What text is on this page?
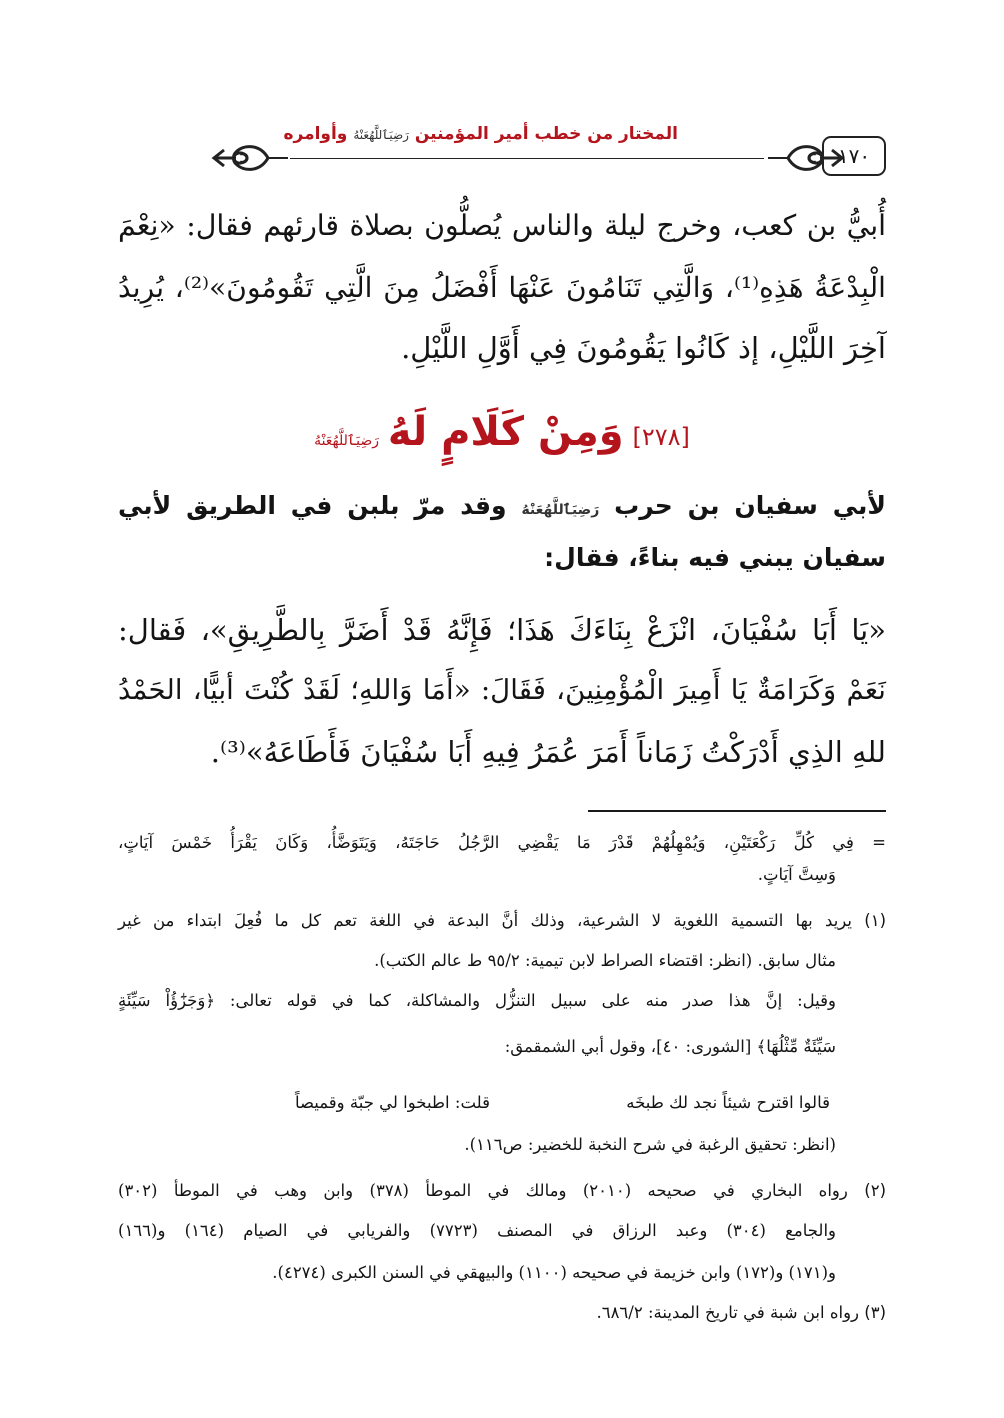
المختار من خطب أمير المؤمنين رَضِيَٱللَّهُعَنْهُ وأوامره
١٧٠
أُبيُّ بن كعب، وخرج ليلة والناس يُصلُّون بصلاة قارئهم فقال: «نِعْمَ
الْبِدْعَةُ هَذِهِ⁽¹⁾، وَالَّتِي تَنَامُونَ عَنْهَا أَفْضَلُ مِنَ الَّتِي تَقُومُونَ»⁽²⁾، يُرِيدُ
آخِرَ اللَّيْلِ، إذ كَانُوا يَقُومُونَ فِي أَوَّلِ اللَّيْلِ.
[٢٧٨] وَمِنْ كَلَامٍ لَهُ رَضِيَٱللَّهُعَنْهُ
لأبي سفيان بن حرب رَضِيَٱللَّهُعَنْهُ وقد مرّ بلبن في الطريق لأبي
سفيان يبني فيه بناءً، فقال:
«يَا أَبَا سُفْيَانَ، انْزَعْ بِنَاءَكَ هَذَا؛ فَإِنَّهُ قَدْ أَضَرَّ بِالطَّرِيقِ»، فَقال:
نَعَمْ وَكَرَامَةٌ يَا أَمِيرَ الْمُؤْمِنِينَ، فَقَالَ: «أَمَا وَاللهِ؛ لَقَدْ كُنْتَ أبيًّا، الحَمْدُ
للهِ الذِي أَدْرَكْتُ زَمَاناً أَمَرَ عُمَرُ فِيهِ أَبَا سُفْيَانَ فَأَطَاعَهُ»⁽³⁾.
= فِي كُلِّ رَكْعَتَيْنِ، وَيُمْهِلُهُمْ قَدْرَ مَا يَقْضِي الرَّجُلُ حَاجَتَهُ، وَيَتَوَضَّأُ، وَكَانَ يَقْرَأُ خَمْسَ آيَاتٍ،
وَسِتَّ آيَاتٍ.
(١) يريد بها التسمية اللغوية لا الشرعية، وذلك أنَّ البدعة في اللغة تعم كل ما فُعِلَ ابتداء من غير
مثال سابق. (انظر: اقتضاء الصراط لابن تيمية: ٩٥/٢ ط عالم الكتب).
وقيل: إنَّ هذا صدر منه على سبيل التنزُّل والمشاكلة، كما في قوله تعالى: ﴿وَجَزَٰٓؤُاْ سَيِّئَةٍ
سَيِّئَةٌ مِّثْلُهَا﴾ [الشورى: ٤٠]، وقول أبي الشمقمق:
قالوا اقترح شيئاً نجد لك طبخَه
قلت: اطبخوا لي جبّة وقميصاً
(انظر: تحقيق الرغبة في شرح النخبة للخضير: ص١١٦).
(٢) رواه البخاري في صحيحه (٢٠١٠) ومالك في الموطأ (٣٧٨) وابن وهب في الموطأ (٣٠٢)
والجامع (٣٠٤) وعبد الرزاق في المصنف (٧٧٢٣) والفريابي في الصيام (١٦٤) و(١٦٦)
و(١٧١) و(١٧٢) وابن خزيمة في صحيحه (١١٠٠) والبيهقي في السنن الكبرى (٤٢٧٤).
(٣) رواه ابن شبة في تاريخ المدينة: ٦٨٦/٢.
